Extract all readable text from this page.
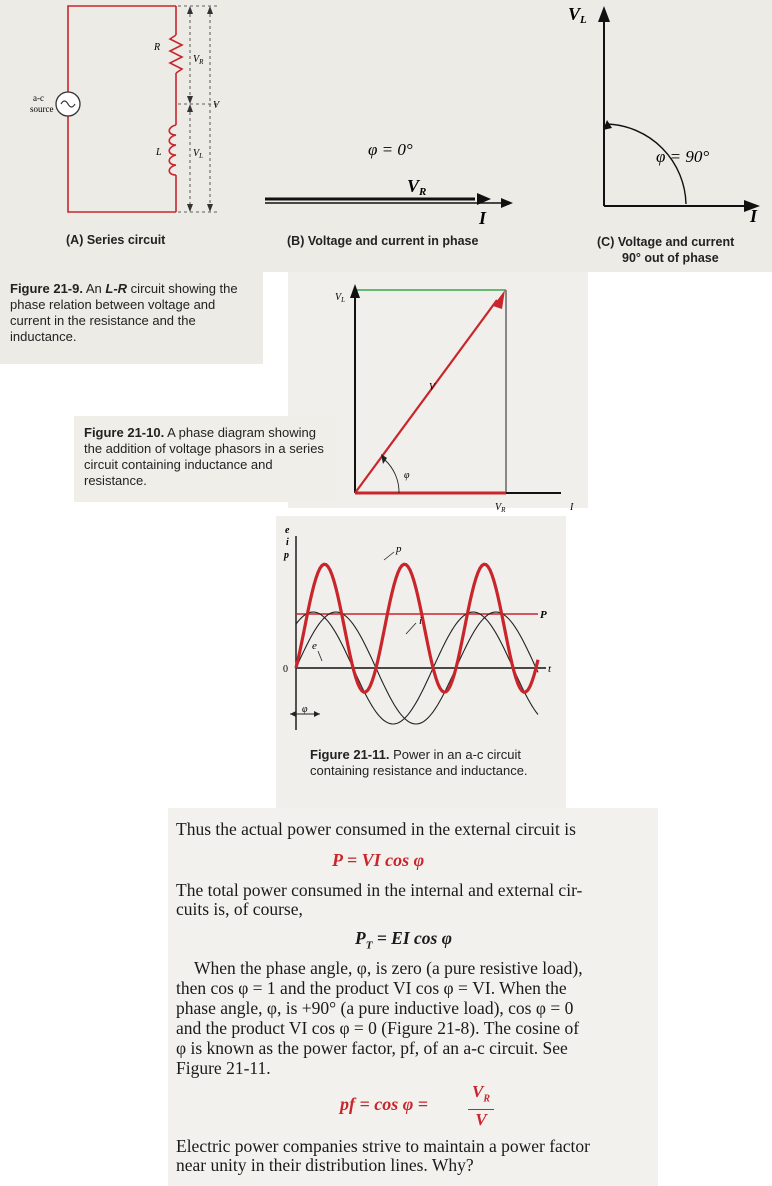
a-c
source
R
$V_R$
V
L	$V_L$
(A) Series circuit
φ = 0°
VR
I
(B) Voltage and current in phase
VL
φ = 90°
I
(C) Voltage and current
90° out of phase
Figure 21-9. An L-R circuit showing the phase relation between voltage and current in the resistance and the inductance.
$V_L$
V
φ
$V_R$	I
Figure 21-10. A phase diagram showing the addition of voltage phasors in a series circuit containing inductance and resistance.
e
i
p
0
p
P
i
e
t
φ
Figure 21-11. Power in an a-c circuit containing resistance and inductance.
Thus the actual power consumed in the external circuit is
P = VI cos φ
The total power consumed in the internal and external cir-
cuits is, of course,
$P_T$ = EI cos φ
When the phase angle, φ, is zero (a pure resistive load),
then cos φ = 1 and the product VI cos φ = VI. When the
phase angle, φ, is +90° (a pure inductive load), cos φ = 0
and the product VI cos φ = 0 (Figure 21-8). The cosine of
φ is known as the power factor, pf, of an a-c circuit. See
Figure 21-11.
pf = $\cos \varphi = \frac{V_R}{V}$
Electric power companies strive to maintain a power factor
near unity in their distribution lines. Why?
